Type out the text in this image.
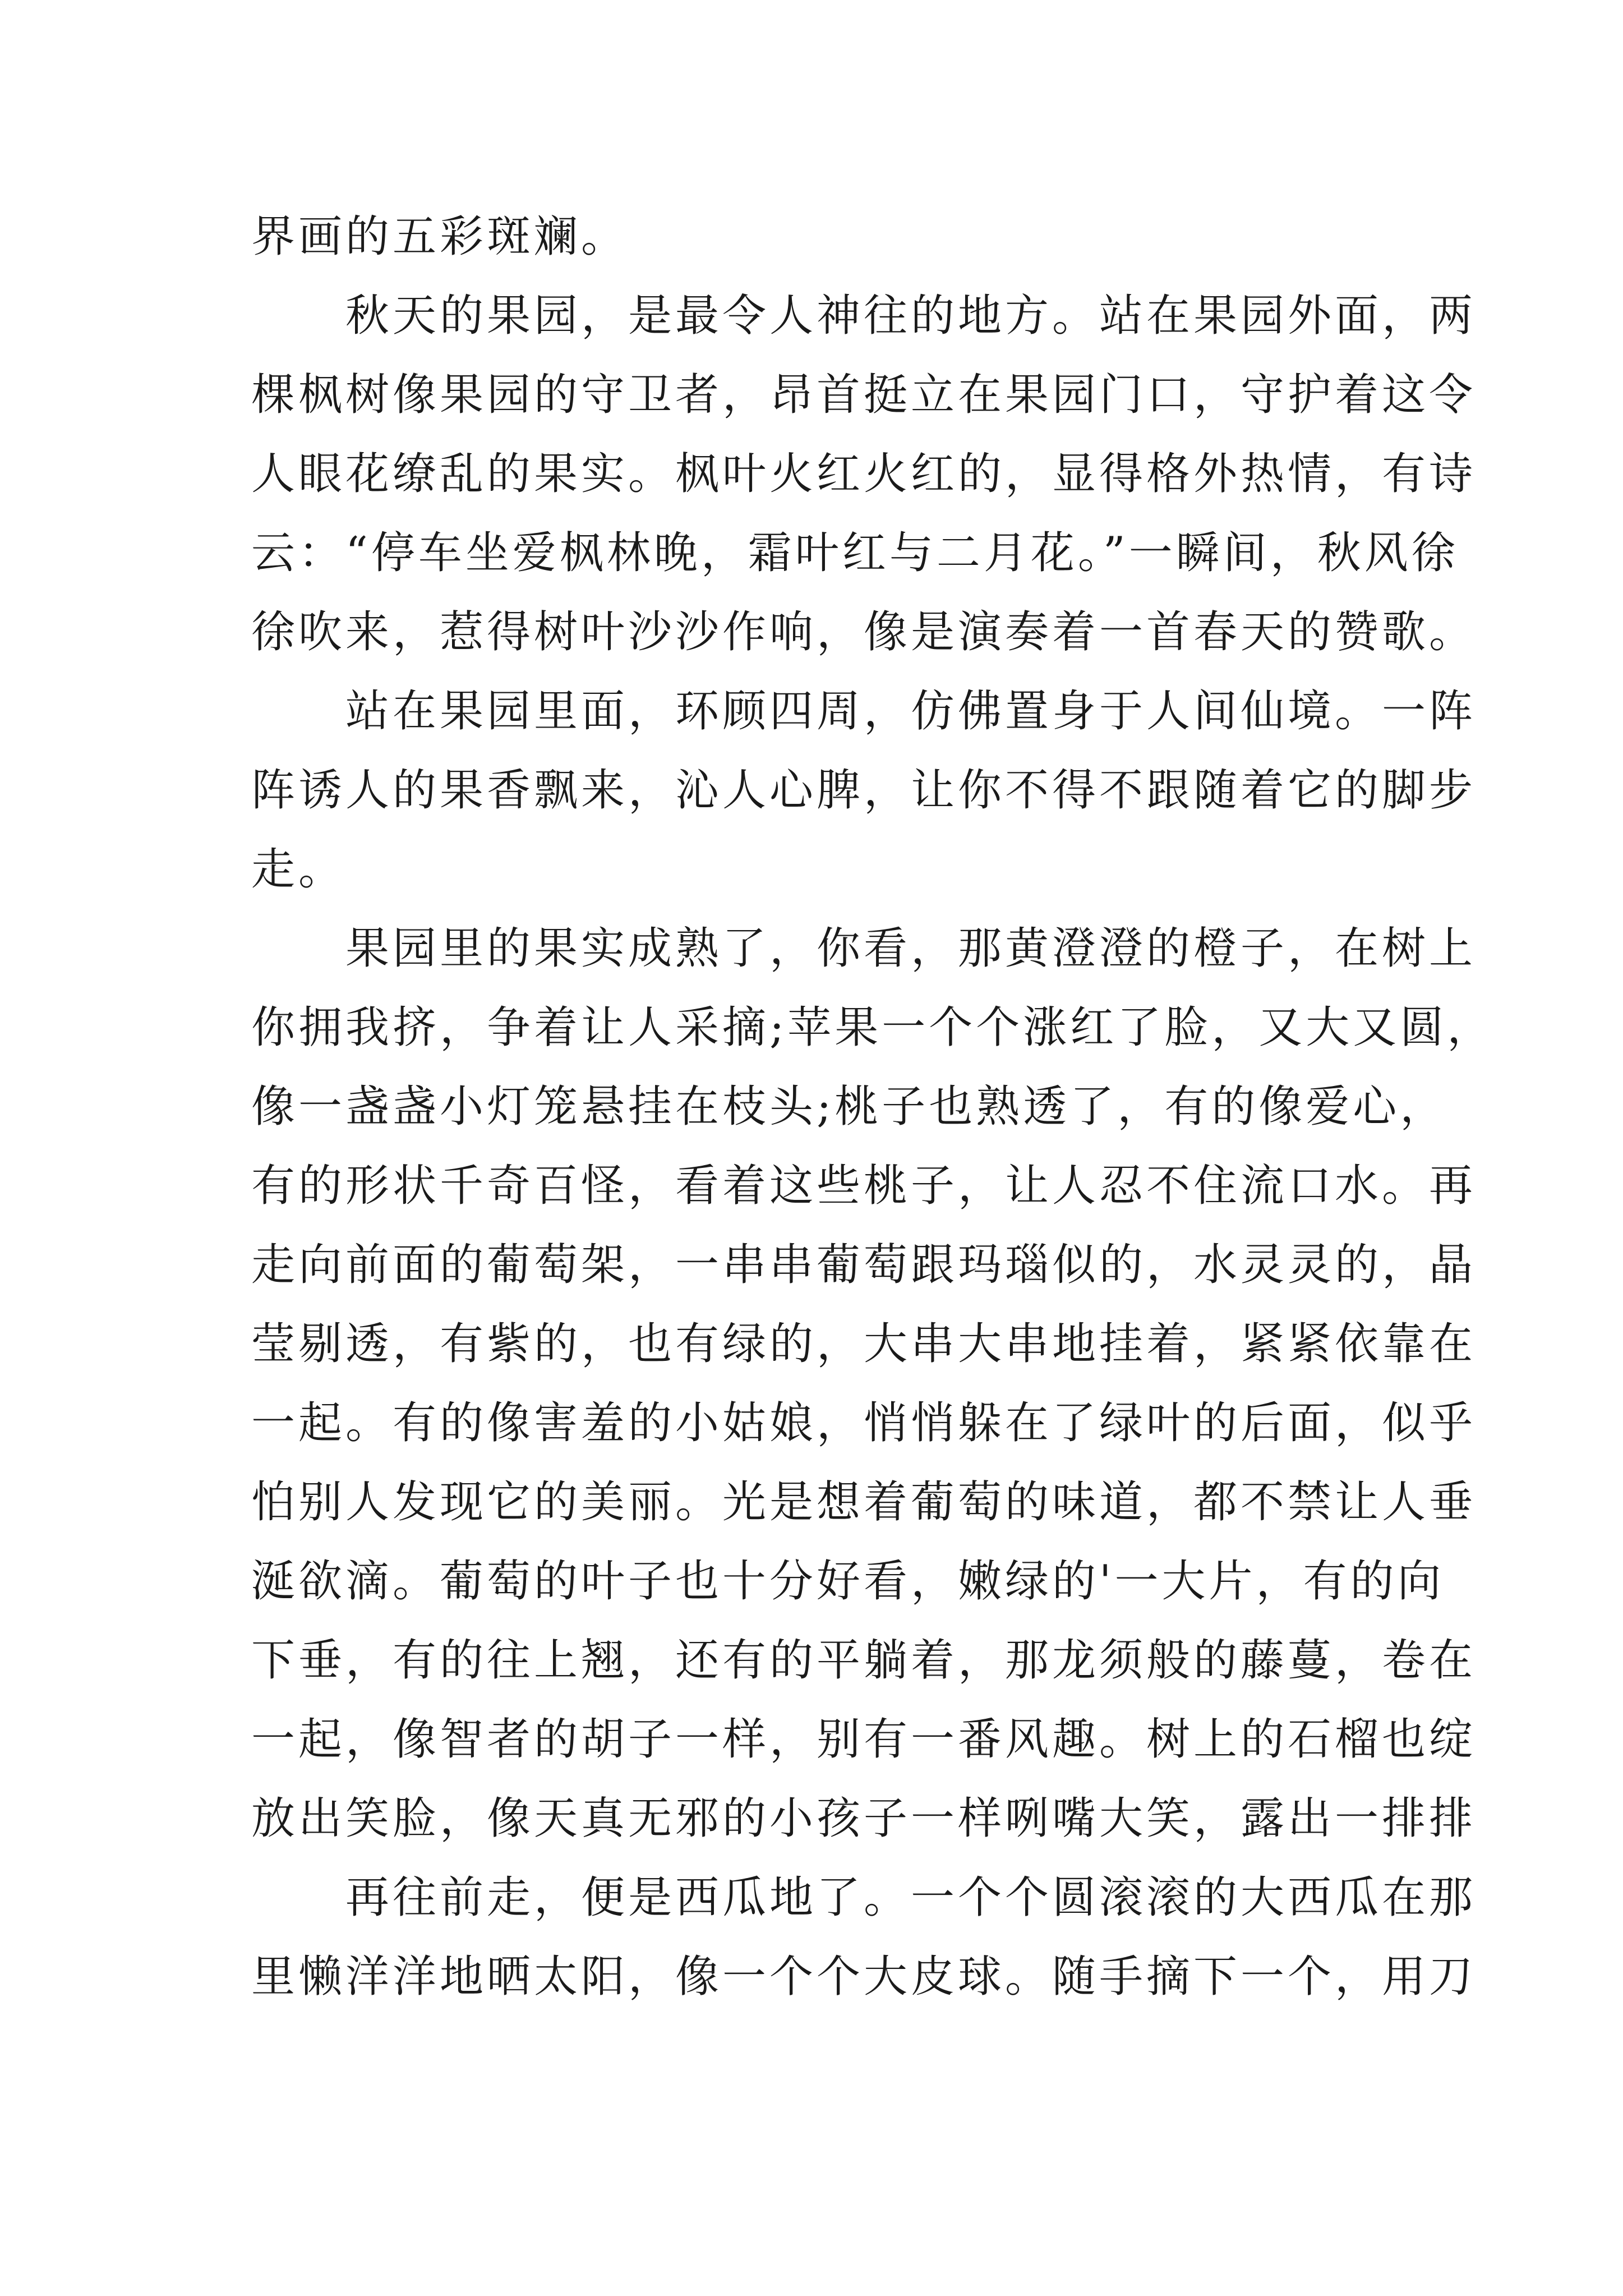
界画的五彩斑斓。

　　秋天的果园，是最令人神往的地方。站在果园外面，两
棵枫树像果园的守卫者，昂首挺立在果园门口，守护着这令
人眼花缭乱的果实。枫叶火红火红的，显得格外热情，有诗
云：“停车坐爱枫林晚，霜叶红与二月花。”一瞬间，秋风徐
徐吹来，惹得树叶沙沙作响，像是演奏着一首春天的赞歌。

　　站在果园里面，环顾四周，仿佛置身于人间仙境。一阵
阵诱人的果香飘来，沁人心脾，让你不得不跟随着它的脚步
走。

　　果园里的果实成熟了，你看，那黄澄澄的橙子，在树上
你拥我挤，争着让人采摘;苹果一个个涨红了脸，又大又圆，
像一盏盏小灯笼悬挂在枝头;桃子也熟透了，有的像爱心，
有的形状千奇百怪，看着这些桃子，让人忍不住流口水。再
走向前面的葡萄架，一串串葡萄跟玛瑙似的，水灵灵的，晶
莹剔透，有紫的，也有绿的，大串大串地挂着，紧紧依靠在
一起。有的像害羞的小姑娘，悄悄躲在了绿叶的后面，似乎
怕别人发现它的美丽。光是想着葡萄的味道，都不禁让人垂
涎欲滴。葡萄的叶子也十分好看，嫩绿的'一大片，有的向
下垂，有的往上翘，还有的平躺着，那龙须般的藤蔓，卷在
一起，像智者的胡子一样，别有一番风趣。树上的石榴也绽
放出笑脸，像天真无邪的小孩子一样咧嘴大笑，露出一排排

　　再往前走，便是西瓜地了。一个个圆滚滚的大西瓜在那
里懒洋洋地晒太阳，像一个个大皮球。随手摘下一个，用刀
